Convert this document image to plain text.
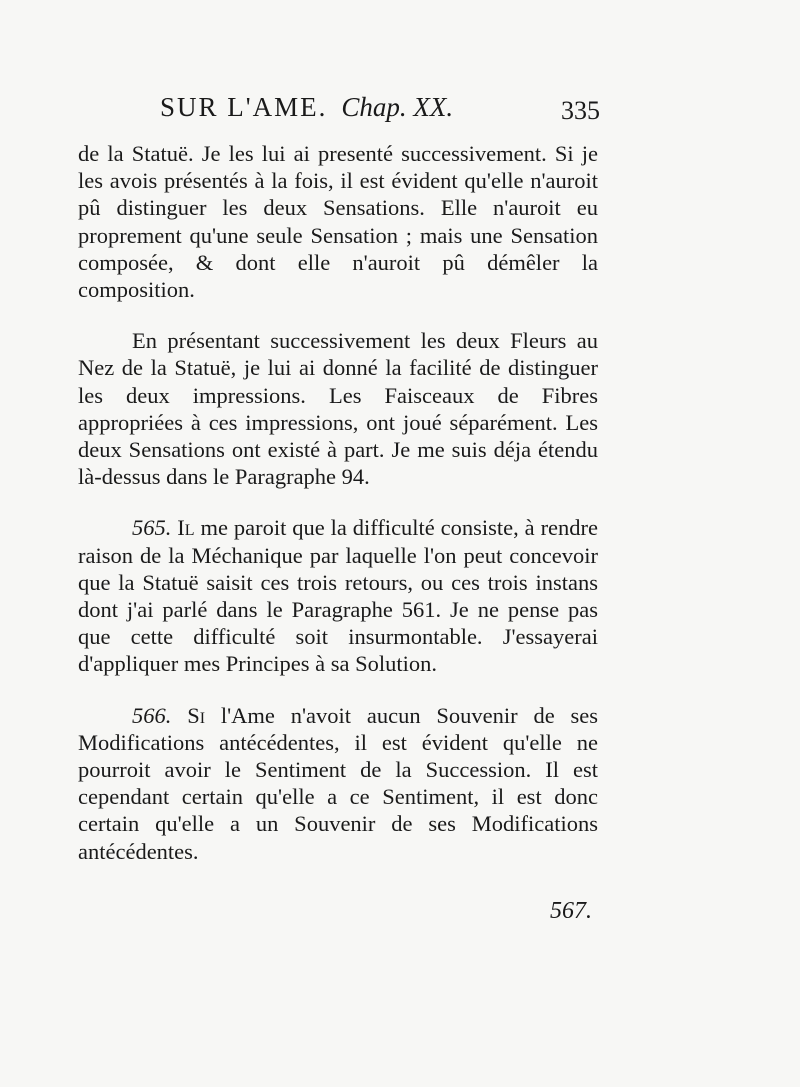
SUR L'AME. Chap. XX.	335

de la Statuë. Je les lui ai presenté successivement. Si je les avois présentés à la fois, il est évident qu'elle n'auroit pû distinguer les deux Sensations. Elle n'auroit eu proprement qu'une seule Sensation ; mais une Sensation composée, & dont elle n'auroit pû démêler la composition.

En présentant successivement les deux Fleurs au Nez de la Statuë, je lui ai donné la facilité de distinguer les deux impressions. Les Faisceaux de Fibres appropriées à ces impressions, ont joué séparément. Les deux Sensations ont existé à part. Je me suis déja étendu là-dessus dans le Paragraphe 94.

565. Il me paroit que la difficulté consiste, à rendre raison de la Méchanique par laquelle l'on peut concevoir que la Statuë saisit ces trois retours, ou ces trois instans dont j'ai parlé dans le Paragraphe 561. Je ne pense pas que cette difficulté soit insurmontable. J'essayerai d'appliquer mes Principes à sa Solution.

566. Si l'Ame n'avoit aucun Souvenir de ses Modifications antécédentes, il est évident qu'elle ne pourroit avoir le Sentiment de la Succession. Il est cependant certain qu'elle a ce Sentiment, il est donc certain qu'elle a un Souvenir de ses Modifications antécédentes.

567.
